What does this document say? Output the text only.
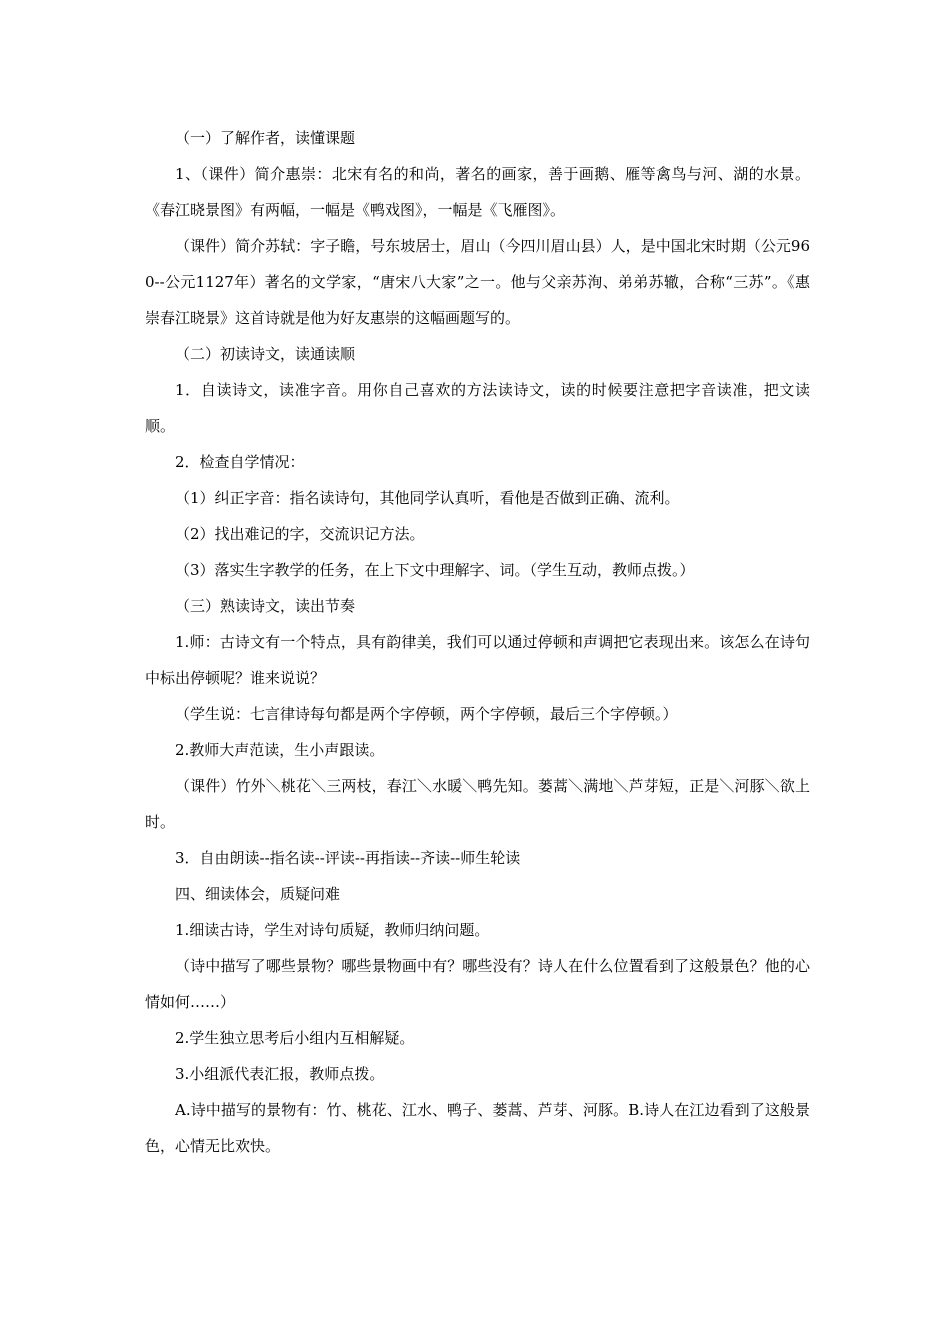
（一）了解作者，读懂课题

1、（课件）简介惠崇：北宋有名的和尚，著名的画家，善于画鹅、雁等禽鸟与河、湖的水景。《春江晓景图》有两幅，一幅是《鸭戏图》，一幅是《飞雁图》。

（课件）简介苏轼：字子瞻，号东坡居士，眉山（今四川眉山县）人，是中国北宋时期（公元960--公元1127年）著名的文学家，“唐宋八大家”之一。他与父亲苏洵、弟弟苏辙，合称“三苏”。《惠崇春江晓景》这首诗就是他为好友惠崇的这幅画题写的。

（二）初读诗文，读通读顺

1．自读诗文，读准字音。用你自己喜欢的方法读诗文，读的时候要注意把字音读准，把文读顺。

2．检查自学情况：

（1）纠正字音：指名读诗句，其他同学认真听，看他是否做到正确、流利。

（2）找出难记的字，交流识记方法。

（3）落实生字教学的任务，在上下文中理解字、词。（学生互动，教师点拨。）

（三）熟读诗文，读出节奏

1.师：古诗文有一个特点，具有韵律美，我们可以通过停顿和声调把它表现出来。该怎么在诗句中标出停顿呢？谁来说说？

（学生说：七言律诗每句都是两个字停顿，两个字停顿，最后三个字停顿。）

2.教师大声范读，生小声跟读。

（课件）竹外＼桃花＼三两枝，春江＼水暖＼鸭先知。蒌蒿＼满地＼芦芽短，正是＼河豚＼欲上时。

3．自由朗读--指名读--评读--再指读--齐读--师生轮读

四、细读体会，质疑问难

1.细读古诗，学生对诗句质疑，教师归纳问题。

（诗中描写了哪些景物？哪些景物画中有？哪些没有？诗人在什么位置看到了这般景色？他的心情如何……）

2.学生独立思考后小组内互相解疑。

3.小组派代表汇报，教师点拨。

A.诗中描写的景物有：竹、桃花、江水、鸭子、蒌蒿、芦芽、河豚。B.诗人在江边看到了这般景色，心情无比欢快。
